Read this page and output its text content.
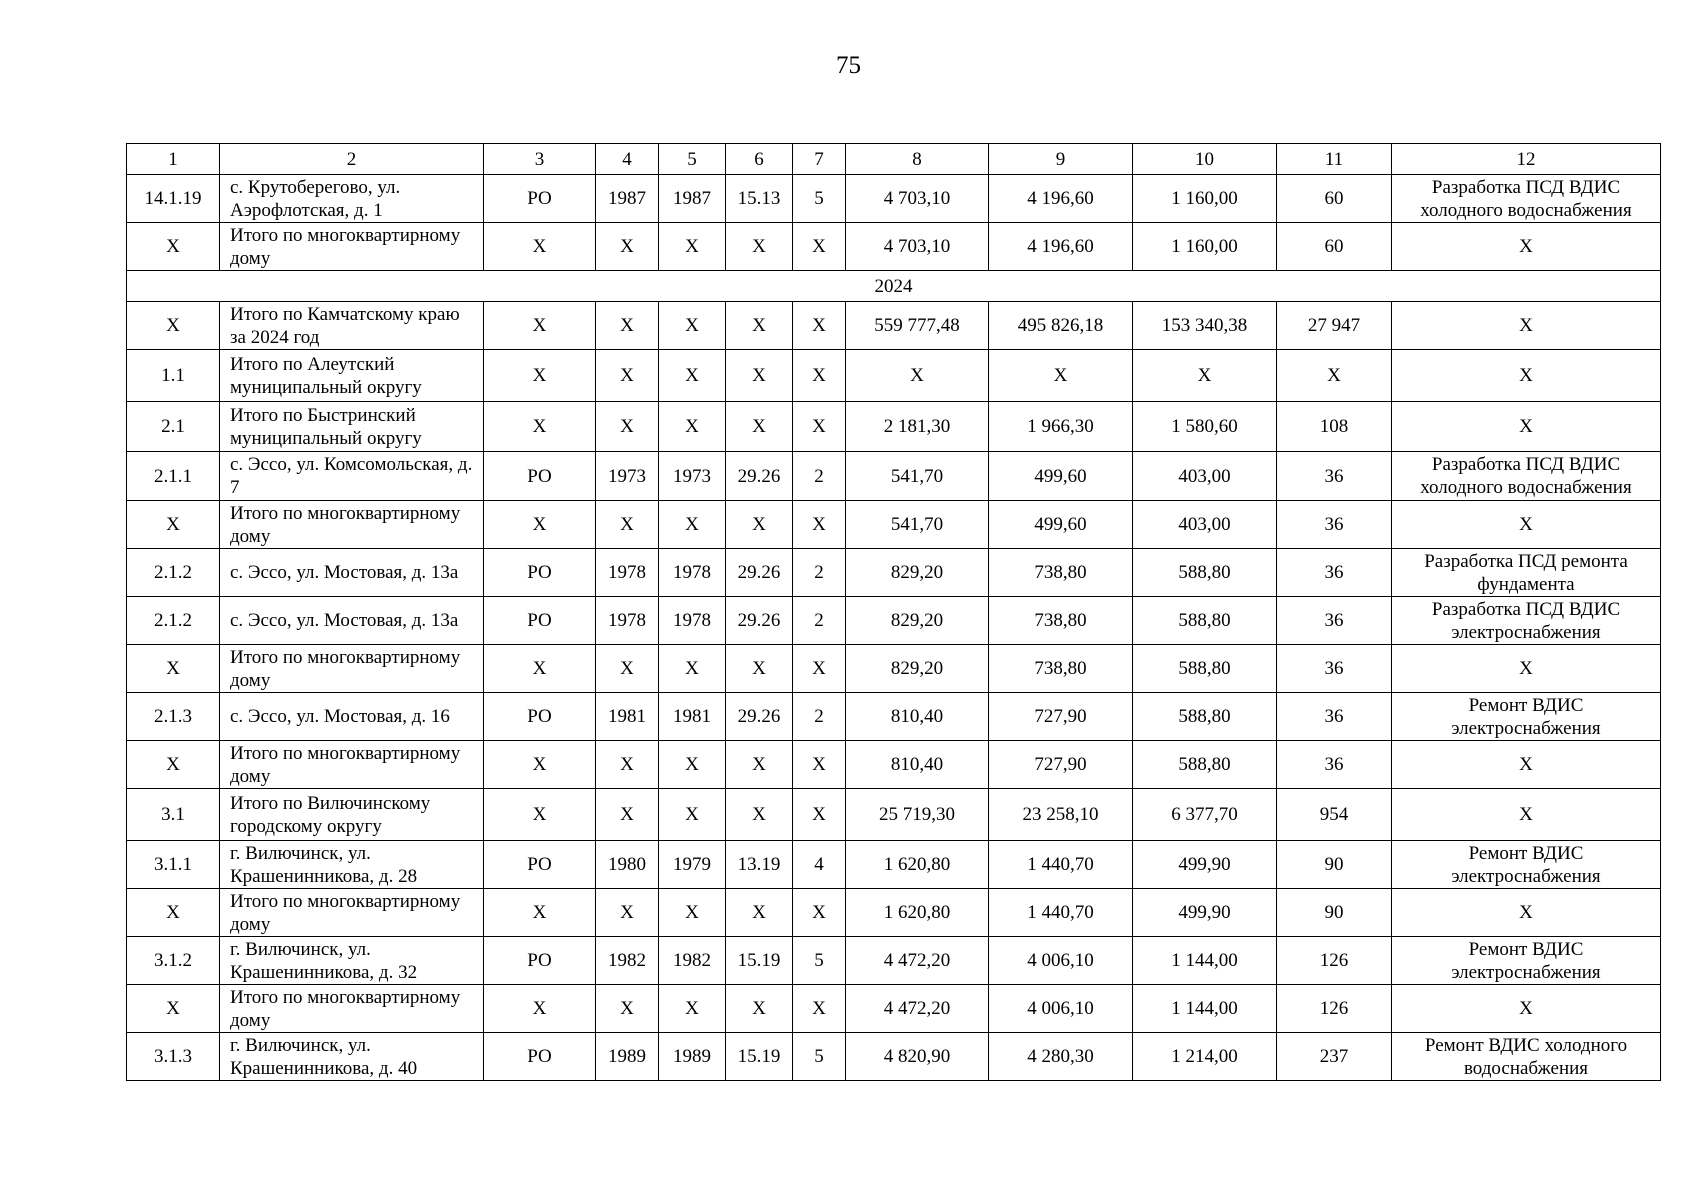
75
1	2	3	4	5	6	7	8	9	10	11	12
14.1.19	с. Крутоберегово, ул. Аэрофлотская, д. 1	РО	1987	1987	15.13	5	4 703,10	4 196,60	1 160,00	60	Разработка ПСД ВДИС холодного водоснабжения
Х	Итого по многоквартирному дому	Х	Х	Х	Х	Х	4 703,10	4 196,60	1 160,00	60	Х
2024											
Х	Итого по Камчатскому краю за 2024 год	Х	Х	Х	Х	Х	559 777,48	495 826,18	153 340,38	27 947	Х
1.1	Итого по Алеутский муниципальный округу	Х	Х	Х	Х	Х	Х	Х	Х	Х	Х
2.1	Итого по Быстринский муниципальный округу	Х	Х	Х	Х	Х	2 181,30	1 966,30	1 580,60	108	Х
2.1.1	с. Эссо, ул. Комсомольская, д. 7	РО	1973	1973	29.26	2	541,70	499,60	403,00	36	Разработка ПСД ВДИС холодного водоснабжения
Х	Итого по многоквартирному дому	Х	Х	Х	Х	Х	541,70	499,60	403,00	36	Х
2.1.2	с. Эссо, ул. Мостовая, д. 13а	РО	1978	1978	29.26	2	829,20	738,80	588,80	36	Разработка ПСД ремонта фундамента
2.1.2	с. Эссо, ул. Мостовая, д. 13а	РО	1978	1978	29.26	2	829,20	738,80	588,80	36	Разработка ПСД ВДИС электроснабжения
Х	Итого по многоквартирному дому	Х	Х	Х	Х	Х	829,20	738,80	588,80	36	Х
2.1.3	с. Эссо, ул. Мостовая, д. 16	РО	1981	1981	29.26	2	810,40	727,90	588,80	36	Ремонт ВДИС электроснабжения
Х	Итого по многоквартирному дому	Х	Х	Х	Х	Х	810,40	727,90	588,80	36	Х
3.1	Итого по Вилючинскому городскому округу	Х	Х	Х	Х	Х	25 719,30	23 258,10	6 377,70	954	Х
3.1.1	г. Вилючинск, ул. Крашенинникова, д. 28	РО	1980	1979	13.19	4	1 620,80	1 440,70	499,90	90	Ремонт ВДИС электроснабжения
Х	Итого по многоквартирному дому	Х	Х	Х	Х	Х	1 620,80	1 440,70	499,90	90	Х
3.1.2	г. Вилючинск, ул. Крашенинникова, д. 32	РО	1982	1982	15.19	5	4 472,20	4 006,10	1 144,00	126	Ремонт ВДИС электроснабжения
Х	Итого по многоквартирному дому	Х	Х	Х	Х	Х	4 472,20	4 006,10	1 144,00	126	Х
3.1.3	г. Вилючинск, ул. Крашенинникова, д. 40	РО	1989	1989	15.19	5	4 820,90	4 280,30	1 214,00	237	Ремонт ВДИС холодного водоснабжения
